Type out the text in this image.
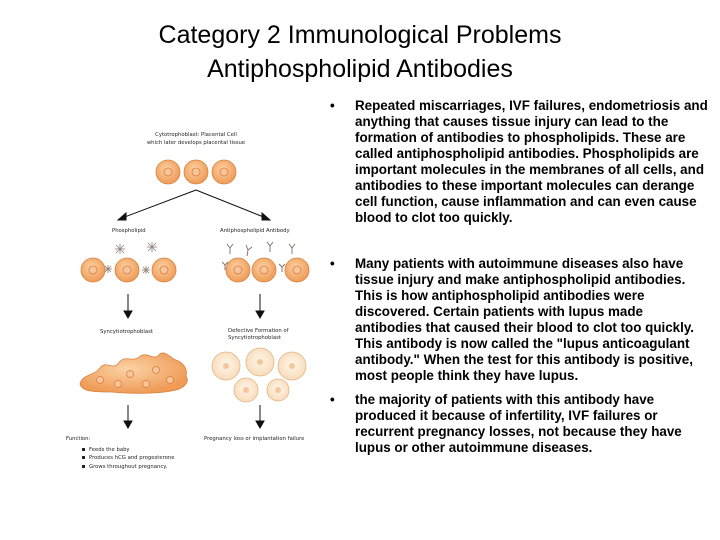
Category 2 Immunological Problems
Antiphospholipid Antibodies
Cytotrophoblast: Placental Cell
which later develops placental tissue
Phospholipid	Antiphospholipid Antibody
Syncytiotrophoblast	Defective Formation of
Syncytiotrophoblast
Function:	Pregnancy loss or implantation failure
Feeds the baby
Produces hCG and progesterone
Grows throughout pregnancy.
• Repeated miscarriages, IVF failures, endometriosis and anything that causes tissue injury can lead to the formation of antibodies to phospholipids. These are called antiphospholipid antibodies. Phospholipids are important molecules in the membranes of all cells, and antibodies to these important molecules can derange cell function, cause inflammation and can even cause blood to clot too quickly.
• Many patients with autoimmune diseases also have tissue injury and make antiphospholipid antibodies. This is how antiphospholipid antibodies were discovered. Certain patients with lupus made antibodies that caused their blood to clot too quickly. This antibody is now called the "lupus anticoagulant antibody." When the test for this antibody is positive, most people think they have lupus.
• the majority of patients with this antibody have produced it because of infertility, IVF failures or recurrent pregnancy losses, not because they have lupus or other autoimmune diseases.
